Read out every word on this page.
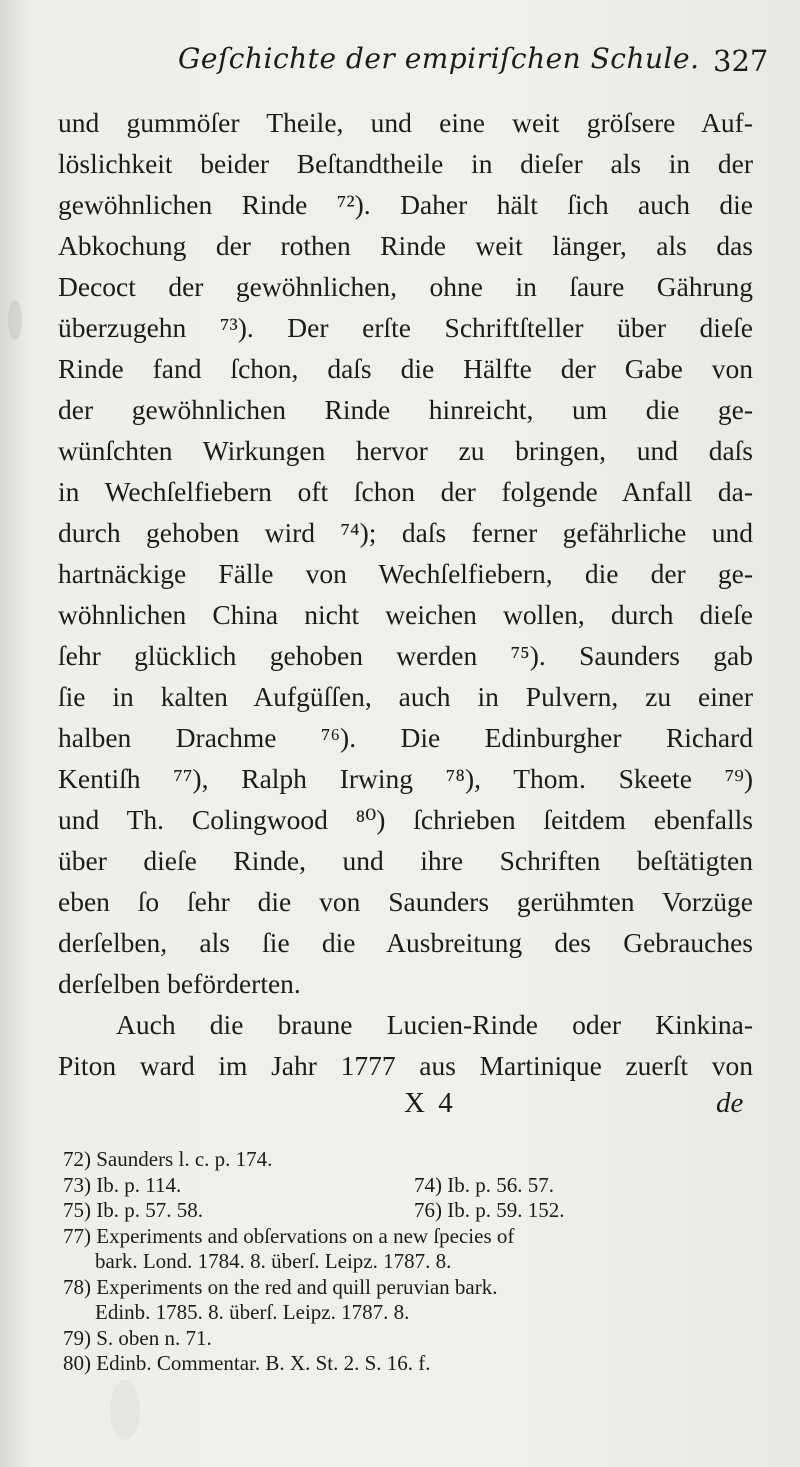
Geſchichte der empiriſchen Schule. 327
und gummöſer Theile, und eine weit gröſsere Auf-
löslichkeit beider Beſtandtheile in dieſer als in der
gewöhnlichen Rinde ⁷²). Daher hält ſich auch die
Abkochung der rothen Rinde weit länger, als das
Decoct der gewöhnlichen, ohne in ſaure Gährung
überzugehn ⁷³). Der erſte Schriftſteller über dieſe
Rinde fand ſchon, daſs die Hälfte der Gabe von
der gewöhnlichen Rinde hinreicht, um die ge-
wünſchten Wirkungen hervor zu bringen, und daſs
in Wechſelfiebern oft ſchon der folgende Anfall da-
durch gehoben wird ⁷⁴); daſs ferner gefährliche und
hartnäckige Fälle von Wechſelfiebern, die der ge-
wöhnlichen China nicht weichen wollen, durch dieſe
ſehr glücklich gehoben werden ⁷⁵). Saunders gab
ſie in kalten Aufgüſſen, auch in Pulvern, zu einer
halben Drachme ⁷⁶). Die Edinburgher Richard
Kentiſh ⁷⁷), Ralph Irwing ⁷⁸), Thom. Skeete ⁷⁹)
und Th. Colingwood ⁸⁰) ſchrieben ſeitdem ebenfalls
über dieſe Rinde, und ihre Schriften beſtätigten
eben ſo ſehr die von Saunders gerühmten Vorzüge
derſelben, als ſie die Ausbreitung des Gebrauches
derſelben beförderten.
Auch die braune Lucien-Rinde oder Kinkina-
Piton ward im Jahr 1777 aus Martinique zuerſt von
X 4	de
72) Saunders l. c. p. 174.
73) Ib. p. 114.	74) Ib. p. 56. 57.
75) Ib. p. 57. 58.	76) Ib. p. 59. 152.
77) Experiments and obſervations on a new ſpecies of
bark. Lond. 1784. 8. überſ. Leipz. 1787. 8.
78) Experiments on the red and quill peruvian bark.
Edinb. 1785. 8. überſ. Leipz. 1787. 8.
79) S. oben n. 71.
80) Edinb. Commentar. B. X. St. 2. S. 16. f.
